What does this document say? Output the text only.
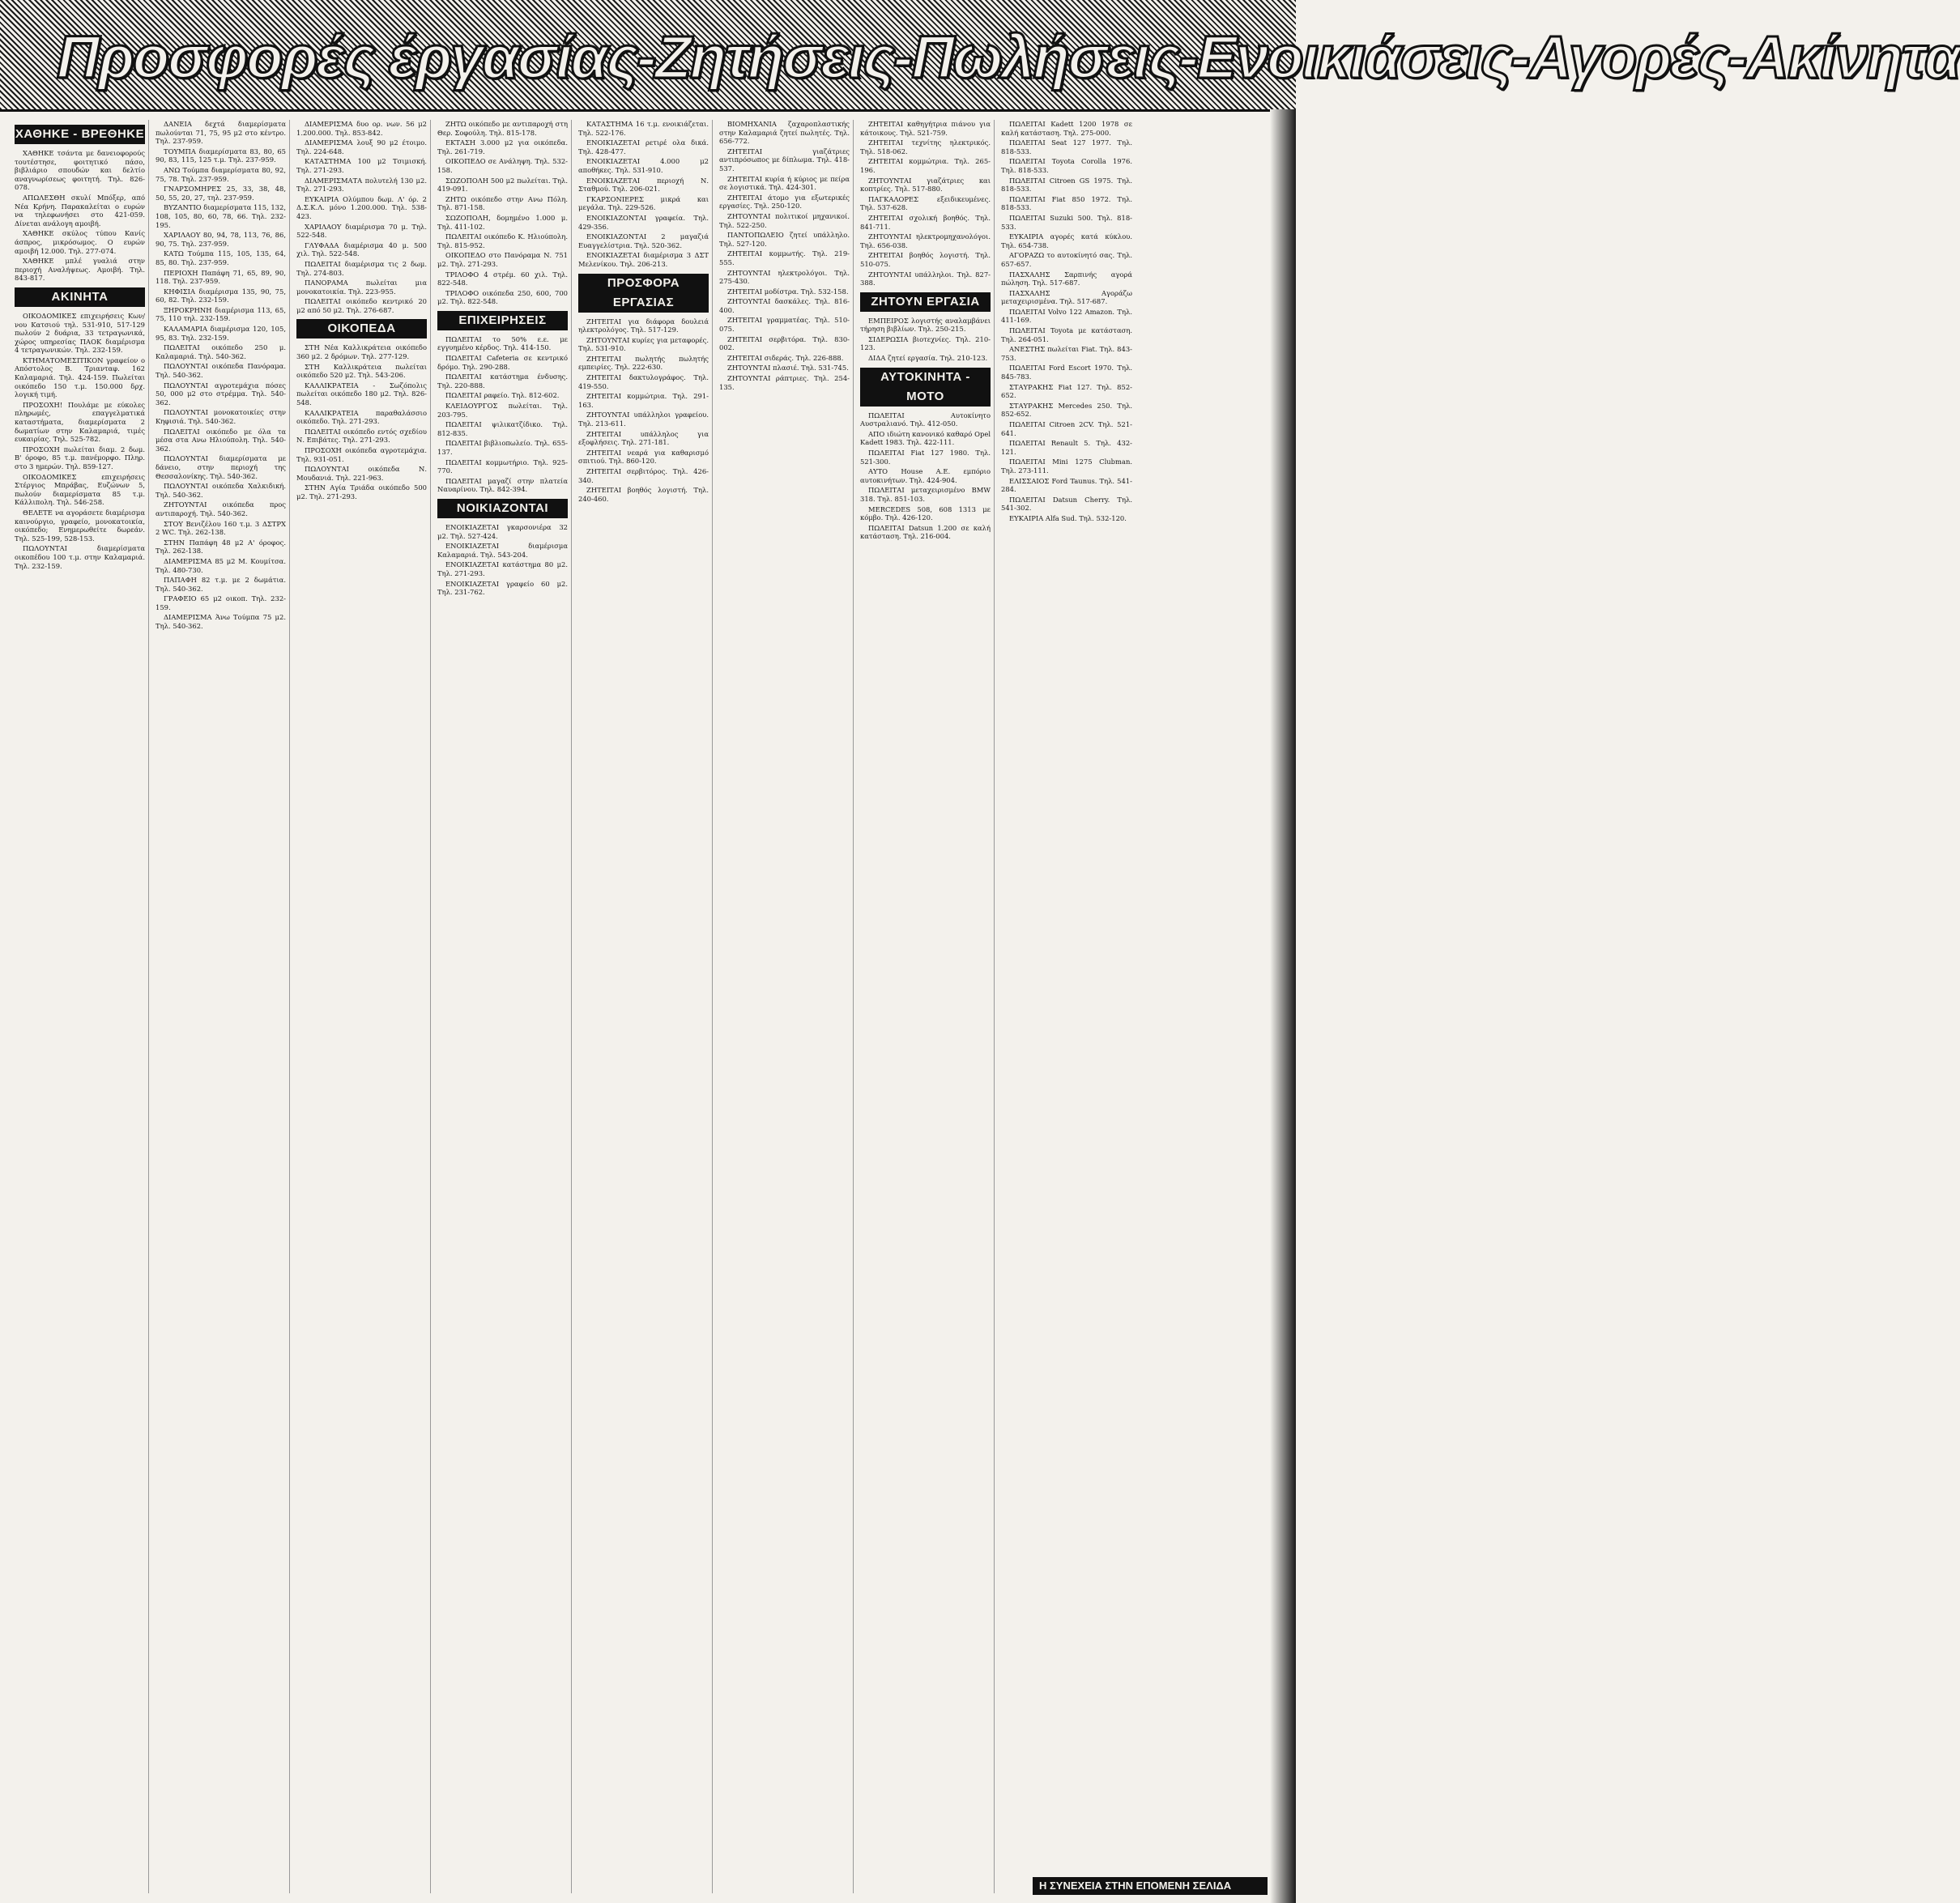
Προσφορές έργασίας-Ζητήσεις-Πωλήσεις-Ενοικιάσεις-Αγορές-Ακίνητα
ΧΑΘΗΚΕ - ΒΡΕΘΗΚΕ

ΧΑΘΗΚΕ τσάντα με δανειοφορούς τουτέστησε, φοιτητικό πάσο, βιβλιάριο σπουδών και δελτίο αναγνωρίσεως φοιτητή. Τηλ. 826-078.

ΑΠΩΛΕΣΘΗ σκυλί Μπόξερ, από Νέα Κρήνη. Παρακαλείται ο ευρών να τηλεφωνήσει στο 421-059. Δίνεται ανάλογη αμοιβή.

ΧΑΘΗΚΕ σκύλος τύπου Κανίς άσπρος, μικρόσωμος. Ο ευρών αμοιβή 12.000. Τηλ. 277-074.

ΧΑΘΗΚΕ μπλέ γυαλιά στην περιοχή Αναλήψεως. Αμοιβή. Τηλ. 843-817.

ΑΚΙΝΗΤΑ

ΟΙΚΟΔΟΜΙΚΕΣ επιχειρήσεις Κων/νου Κατσιού τηλ. 531-910, 517-129 πωλούν 2 δυάρια, 33 τετραγωνικά, χώρος υπηρεσίας ΠΑΟΚ διαμέρισμα 4 τετραγωνικών. Τηλ. 232-159.

ΚΤΗΜΑΤΟΜΕΣΙΤΙΚΟΝ γραφείον ο Απόστολος Β. Τριανταφ. 162 Καλαμαριά. Τηλ. 424-159. Πωλείται οικόπεδο 150 τ.μ. 150.000 δρχ. λογική τιμή.

ΠΡΟΣΟΧΗ! Πουλάμε με εύκολες πληρωμές, επαγγελματικά καταστήματα, διαμερίσματα 2 δωματίων στην Καλαμαριά, τιμές ευκαιρίας. Τηλ. 525-782.

ΠΡΟΣΟΧΗ πωλείται διαμ. 2 δωμ. Β' όροφο, 85 τ.μ. πανέμορφο. Πληρ. στο 3 ημερών. Τηλ. 859-127.

ΟΙΚΟΔΟΜΙΚΕΣ επιχειρήσεις Στέργιος Μπράβας, Ευζώνων 5, πωλούν διαμερίσματα 85 τ.μ. Κάλλιπολη. Τηλ. 546-258.

ΘΕΛΕΤΕ να αγοράσετε διαμέρισμα καινούργιο, γραφείο, μονοκατοικία, οικόπεδο; Ενημερωθείτε δωρεάν. Τηλ. 525-199, 528-153.

ΠΩΛΟΥΝΤΑΙ διαμερίσματα οικοπέδου 100 τ.μ. στην Καλαμαριά. Τηλ. 232-159.

ΔΑΝΕΙΑ δεχτά διαμερίσματα πωλούνται 71, 75, 95 μ2 στο κέντρο. Τηλ. 237-959.

ΤΟΥΜΠΑ διαμερίσματα 83, 80, 65 90, 83, 115, 125 τ.μ. Τηλ. 237-959.

ΑΝΩ Τούμπα διαμερίσματα 80, 92, 75, 78. Τηλ. 237-959.

ΓΝΑΡΣΟΜΗΡΕΣ 25, 33, 38, 48, 50, 55, 20, 27, τηλ. 237-959.

ΒΥΖΑΝΤΙΟ διαμερίσματα 115, 132, 108, 105, 80, 60, 78, 66. Τηλ. 232-195.

ΧΑΡΙΛΑΟΥ 80, 94, 78, 113, 76, 86, 90, 75. Τηλ. 237-959.

ΚΑΤΩ Τούμπα 115, 105, 135, 64, 85, 80. Τηλ. 237-959.

ΠΕΡΙΟΧΗ Παπάφη 71, 65, 89, 90, 118. Τηλ. 237-959.

ΚΗΦΙΣΙΑ διαμέρισμα 135, 90, 75, 60, 82. Τηλ. 232-159.

ΞΗΡΟΚΡΗΝΗ διαμέρισμα 113, 65, 75, 110 τηλ. 232-159.

ΚΑΛΑΜΑΡΙΑ διαμέρισμα 120, 105, 95, 83. Τηλ. 232-159.

ΠΩΛΕΙΤΑΙ οικόπεδο 250 μ. Καλαμαριά. Τηλ. 540-362.

ΠΩΛΟΥΝΤΑΙ οικόπεδα Πανόραμα. Τηλ. 540-362.

ΠΩΛΟΥΝΤΑΙ αγροτεμάχια πόσες 50, 000 μ2 στο στρέμμα. Τηλ. 540-362.

ΠΩΛΟΥΝΤΑΙ μονοκατοικίες στην Κηφισιά. Τηλ. 540-362.

ΠΩΛΕΙΤΑΙ οικόπεδο με όλα τα μέσα στα Ανω Ηλιούπολη. Τηλ. 540-362.

ΠΩΛΟΥΝΤΑΙ διαμερίσματα με δάνειο, στην περιοχή της Θεσσαλονίκης. Τηλ. 540-362.

ΠΩΛΟΥΝΤΑΙ οικόπεδα Χαλκιδική. Τηλ. 540-362.

ΖΗΤΟΥΝΤΑΙ οικόπεδα προς αντιπαροχή. Τηλ. 540-362.

ΣΤΟΥ Βενιζέλου 160 τ.μ. 3 ΔΣΤΡΧ 2 WC. Τηλ. 262-138.

ΣΤΗΝ Παπάφη 48 μ2 Α' όροφος. Τηλ. 262-138.

ΔΙΑΜΕΡΙΣΜΑ 85 μ2 Μ. Κουμίτσα. Τηλ. 480-730.

ΠΑΠΑΦΗ 82 τ.μ. με 2 δωμάτια. Τηλ. 540-362.

ΓΡΑΦΕΙΟ 65 μ2 οικοπ. Τηλ. 232-159.

ΔΙΑΜΕΡΙΣΜΑ Άνω Τούμπα 75 μ2. Τηλ. 540-362.

ΔΙΑΜΕΡΙΣΜΑ δυο ορ. νων. 56 μ2 1.200.000. Τηλ. 853-842.

ΔΙΑΜΕΡΙΣΜΑ λουξ 90 μ2 έτοιμο. Τηλ. 224-648.

ΚΑΤΑΣΤΗΜΑ 100 μ2 Τσιμισκή. Τηλ. 271-293.

ΔΙΑΜΕΡΙΣΜΑΤΑ πολυτελή 130 μ2. Τηλ. 271-293.

ΕΥΚΑΙΡΙΑ Ολύμπου δωμ. Λ' όρ. 2 Δ.Σ.Κ.Λ. μόνο 1.200.000. Τηλ. 538-423.

ΧΑΡΙΛΑΟΥ διαμέρισμα 70 μ. Τηλ. 522-548.

ΓΛΥΦΑΔΑ διαμέρισμα 40 μ. 500 χιλ. Τηλ. 522-548.

ΠΩΛΕΙΤΑΙ διαμέρισμα τις 2 δωμ. Τηλ. 274-803.

ΠΑΝΟΡΑΜΑ πωλείται μια μονοκατοικία. Τηλ. 223-955.

ΠΩΛΕΙΤΑΙ οικόπεδο κεντρικό 20 μ2 από 50 μ2. Τηλ. 276-687.

ΟΙΚΟΠΕΔΑ

ΣΤΗ Νέα Καλλικράτεια οικόπεδο 360 μ2. 2 δρόμων. Τηλ. 277-129.

ΣΤΗ Καλλικράτεια πωλείται οικόπεδο 520 μ2. Τηλ. 543-206.

ΚΑΛΛΙΚΡΑΤΕΙΑ - Σωζόπολις πωλείται οικόπεδο 180 μ2. Τηλ. 826-548.

ΚΑΛΛΙΚΡΑΤΕΙΑ παραθαλάσσιο οικόπεδο. Τηλ. 271-293.

ΠΩΛΕΙΤΑΙ οικόπεδο εντός σχεδίου Ν. Επιβάτες. Τηλ. 271-293.

ΠΡΟΣΟΧΗ οικόπεδα αγροτεμάχια. Τηλ. 931-051.

ΠΩΛΟΥΝΤΑΙ οικόπεδα Ν. Μουδανιά. Τηλ. 221-963.

ΣΤΗΝ Αγία Τριάδα οικόπεδο 500 μ2. Τηλ. 271-293.

ΖΗΤΩ οικόπεδο με αντιπαροχή στη Θερ. Σοφούλη. Τηλ. 815-178.

ΕΚΤΑΣΗ 3.000 μ2 για οικόπεδα. Τηλ. 261-719.

ΟΙΚΟΠΕΔΟ σε Ανάληψη. Τηλ. 532-158.

ΣΩΖΟΠΟΛΗ 500 μ2 πωλείται. Τηλ. 419-091.

ΖΗΤΩ οικόπεδο στην Ανω Πόλη. Τηλ. 871-158.

ΣΩΖΟΠΟΛΗ, δομημένο 1.000 μ. Τηλ. 411-102.

ΠΩΛΕΙΤΑΙ οικόπεδο Κ. Ηλιούπολη. Τηλ. 815-952.

ΟΙΚΟΠΕΔΟ στο Πανόραμα Ν. 751 μ2. Τηλ. 271-293.

ΤΡΙΛΟΦΟ 4 στρέμ. 60 χιλ. Τηλ. 822-548.

ΤΡΙΛΟΦΟ οικόπεδα 250, 600, 700 μ2. Τηλ. 822-548.

ΕΠΙΧΕΙΡΗΣΕΙΣ

ΠΩΛΕΙΤΑΙ το 50% ε.ε. με εγγυημένο κέρδος. Τηλ. 414-150.

ΠΩΛΕΙΤΑΙ Cafeteria σε κεντρικό δρόμο. Τηλ. 290-288.

ΠΩΛΕΙΤΑΙ κατάστημα ένδυσης. Τηλ. 220-888.

ΠΩΛΕΙΤΑΙ ραφείο. Τηλ. 812-602.

ΚΛΕΙΔΟΥΡΓΟΣ πωλείται. Τηλ. 203-795.

ΠΩΛΕΙΤΑΙ ψιλικατζίδικο. Τηλ. 812-835.

ΠΩΛΕΙΤΑΙ βιβλιοπωλείο. Τηλ. 655-137.

ΠΩΛΕΙΤΑΙ κομμωτήριο. Τηλ. 925-770.

ΠΩΛΕΙΤΑΙ μαγαζί στην πλατεία Ναυαρίνου. Τηλ. 842-394.

ΝΟΙΚΙΑΖΟΝΤΑΙ

ΕΝΟΙΚΙΑΖΕΤΑΙ γκαρσονιέρα 32 μ2. Τηλ. 527-424.

ΕΝΟΙΚΙΑΖΕΤΑΙ διαμέρισμα Καλαμαριά. Τηλ. 543-204.

ΕΝΟΙΚΙΑΖΕΤΑΙ κατάστημα 80 μ2. Τηλ. 271-293.

ΕΝΟΙΚΙΑΖΕΤΑΙ γραφείο 60 μ2. Τηλ. 231-762.

ΚΑΤΑΣΤΗΜΑ 16 τ.μ. ενοικιάζεται. Τηλ. 522-176.

ΕΝΟΙΚΙΑΖΕΤΑΙ ρετιρέ ολα δικά. Τηλ. 428-477.

ΕΝΟΙΚΙΑΖΕΤΑΙ 4.000 μ2 αποθήκες. Τηλ. 531-910.

ΕΝΟΙΚΙΑΖΕΤΑΙ περιοχή Ν. Σταθμού. Τηλ. 206-021.

ΓΚΑΡΣΟΝΙΕΡΕΣ μικρά και μεγάλα. Τηλ. 229-526.

ΕΝΟΙΚΙΑΖΟΝΤΑΙ γραφεία. Τηλ. 429-356.

ΕΝΟΙΚΙΑΖΟΝΤΑΙ 2 μαγαζιά Ευαγγελίστρια. Τηλ. 520-362.

ΕΝΟΙΚΙΑΖΕΤΑΙ διαμέρισμα 3 ΔΣΤ Μελενίκου. Τηλ. 206-213.

ΠΡΟΣΦΟΡΑ ΕΡΓΑΣΙΑΣ

ΖΗΤΕΙΤΑΙ για διάφορα δουλειά ηλεκτρολόγος. Τηλ. 517-129.

ΖΗΤΟΥΝΤΑΙ κυρίες για μεταφορές. Τηλ. 531-910.

ΖΗΤΕΙΤΑΙ πωλητής πωλητής εμπειρίες. Τηλ. 222-630.

ΖΗΤΕΙΤΑΙ δακτυλογράφος. Τηλ. 419-550.

ΖΗΤΕΙΤΑΙ κομμώτρια. Τηλ. 291-163.

ΖΗΤΟΥΝΤΑΙ υπάλληλοι γραφείου. Τηλ. 213-611.

ΖΗΤΕΙΤΑΙ υπάλληλος για εξοφλήσεις. Τηλ. 271-181.

ΖΗΤΕΙΤΑΙ νεαρά για καθαρισμό σπιτιού. Τηλ. 860-120.

ΖΗΤΕΙΤΑΙ σερβιτόρος. Τηλ. 426-340.

ΖΗΤΕΙΤΑΙ βοηθός λογιστή. Τηλ. 240-460.

ΒΙΟΜΗΧΑΝΙΑ ζαχαροπλαστικής στην Καλαμαριά ζητεί πωλητές. Τηλ. 656-772.

ΖΗΤΕΙΤΑΙ γιαζάτριες αντιπρόσωπος με δίπλωμα. Τηλ. 418-537.

ΖΗΤΕΙΤΑΙ κυρία ή κύριος με πείρα σε λογιστικά. Τηλ. 424-301.

ΖΗΤΕΙΤΑΙ άτομο για εξωτερικές εργασίες. Τηλ. 250-120.

ΖΗΤΟΥΝΤΑΙ πολιτικοί μηχανικοί. Τηλ. 522-250.

ΠΑΝΤΟΠΩΛΕΙΟ ζητεί υπάλληλο. Τηλ. 527-120.

ΖΗΤΕΙΤΑΙ κομμωτής. Τηλ. 219-555.

ΖΗΤΟΥΝΤΑΙ ηλεκτρολόγοι. Τηλ. 275-430.

ΖΗΤΕΙΤΑΙ μοδίστρα. Τηλ. 532-158.

ΖΗΤΟΥΝΤΑΙ δασκάλες. Τηλ. 816-400.

ΖΗΤΕΙΤΑΙ γραμματέας. Τηλ. 510-075.

ΖΗΤΕΙΤΑΙ σερβιτόρα. Τηλ. 830-002.

ΖΗΤΕΙΤΑΙ σιδεράς. Τηλ. 226-888.

ΖΗΤΟΥΝΤΑΙ πλασιέ. Τηλ. 531-745.

ΖΗΤΟΥΝΤΑΙ ράπτριες. Τηλ. 254-135.

ΖΗΤΕΙΤΑΙ καθηγήτρια πιάνου για κάτοικους. Τηλ. 521-759.

ΖΗΤΕΙΤΑΙ τεχνίτης ηλεκτρικός. Τηλ. 518-062.

ΖΗΤΕΙΤΑΙ κομμώτρια. Τηλ. 265-196.

ΖΗΤΟΥΝΤΑΙ γιαζάτριες και κοπτρίες. Τηλ. 517-880.

ΠΑΓΚΑΛΟΡΕΣ εξειδικευμένες. Τηλ. 537-628.

ΖΗΤΕΙΤΑΙ σχολική βοηθός. Τηλ. 841-711.

ΖΗΤΟΥΝΤΑΙ ηλεκτρομηχανολόγοι. Τηλ. 656-038.

ΖΗΤΕΙΤΑΙ βοηθός λογιστή. Τηλ. 510-075.

ΖΗΤΟΥΝΤΑΙ υπάλληλοι. Τηλ. 827-388.

ΖΗΤΟΥΝ ΕΡΓΑΣΙΑ

ΕΜΠΕΙΡΟΣ λογιστής αναλαμβάνει τήρηση βιβλίων. Τηλ. 250-215.

ΣΙΔΕΡΩΣΙΑ βιοτεχνίες. Τηλ. 210-123.

ΔΙΔΑ ζητεί εργασία. Τηλ. 210-123.

ΑΥΤΟΚΙΝΗΤΑ - ΜΟΤΟ

ΠΩΛΕΙΤΑΙ Αυτοκίνητο Αυστραλιανό. Τηλ. 412-050.

ΑΠΟ ιδιώτη κανονικό καθαρό Opel Kadett 1983. Τηλ. 422-111.

ΠΩΛΕΙΤΑΙ Fiat 127 1980. Τηλ. 521-300.

ΑΥΤΟ House Α.Ε. εμπόριο αυτοκινήτων. Τηλ. 424-904.

ΠΩΛΕΙΤΑΙ μεταχειρισμένο BMW 318. Τηλ. 851-103.

ΜΕRCEDES 508, 608 1313 με κόμβο. Τηλ. 426-120.

ΠΩΛΕΙΤΑΙ Datsun 1.200 σε καλή κατάσταση. Τηλ. 216-004.

ΠΩΛΕΙΤΑΙ Kadett 1200 1978 σε καλή κατάσταση. Τηλ. 275-000.

ΠΩΛΕΙΤΑΙ Seat 127 1977. Τηλ. 818-533.

ΠΩΛΕΙΤΑΙ Toyota Corolla 1976. Τηλ. 818-533.

ΠΩΛΕΙΤΑΙ Citroen GS 1975. Τηλ. 818-533.

ΠΩΛΕΙΤΑΙ Fiat 850 1972. Τηλ. 818-533.

ΠΩΛΕΙΤΑΙ Suzuki 500. Τηλ. 818-533.

ΕΥΚΑΙΡΙΑ αγορές κατά κύκλου. Τηλ. 654-738.

ΑΓΟΡΑΖΩ το αυτοκίνητό σας. Τηλ. 657-657.

ΠΑΣΧΑΛΗΣ Σαρπινής αγορά πώληση. Τηλ. 517-687.

ΠΑΣΧΑΛΗΣ Αγοράζω μεταχειρισμένα. Τηλ. 517-687.

ΠΩΛΕΙΤΑΙ Volvo 122 Amazon. Τηλ. 411-169.

ΠΩΛΕΙΤΑΙ Toyota με κατάσταση. Τηλ. 264-051.

ΑΝΕΣΤΗΣ πωλείται Fiat. Τηλ. 843-753.

ΠΩΛΕΙΤΑΙ Ford Escort 1970. Τηλ. 845-783.

ΣΤΑΥΡΑΚΗΣ Fiat 127. Τηλ. 852-652.

ΣΤΑΥΡΑΚΗΣ Mercedes 250. Τηλ. 852-652.

ΠΩΛΕΙΤΑΙ Citroen 2CV. Τηλ. 521-641.

ΠΩΛΕΙΤΑΙ Renault 5. Τηλ. 432-121.

ΠΩΛΕΙΤΑΙ Mini 1275 Clubman. Τηλ. 273-111.

ΕΛΙΣΣΑΙΟΣ Ford Taunus. Τηλ. 541-284.

ΠΩΛΕΙΤΑΙ Datsun Cherry. Τηλ. 541-302.

ΕΥΚΑΙΡΙΑ Alfa Sud. Τηλ. 532-120.

Η ΣΥΝΕΧΕΙΑ ΣΤΗΝ ΕΠΟΜΕΝΗ ΣΕΛΙΔΑ
